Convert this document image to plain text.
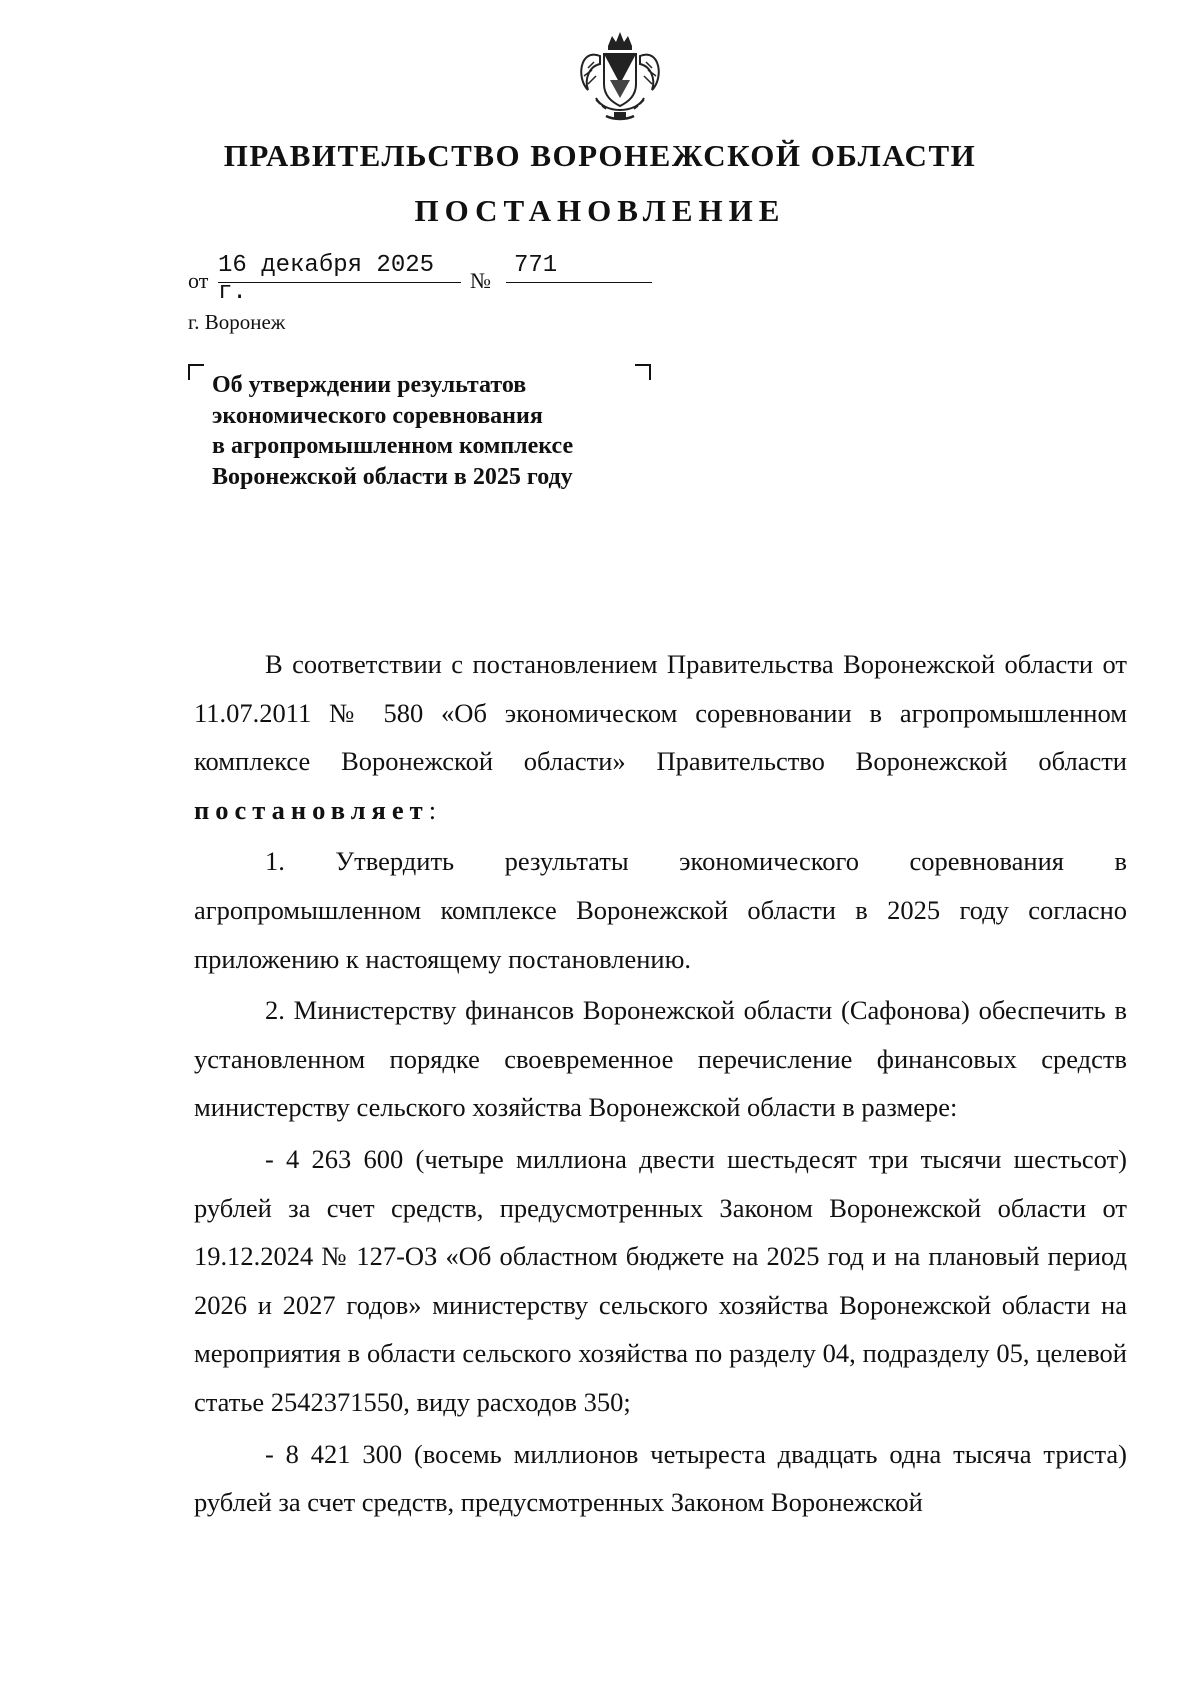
ПРАВИТЕЛЬСТВО ВОРОНЕЖСКОЙ ОБЛАСТИ
ПОСТАНОВЛЕНИЕ
от
16 декабря 2025 г.	№
771
г. Воронеж
Об утверждении результатов
экономического соревнования
в агропромышленном комплексе
Воронежской области в 2025 году

В соответствии с постановлением Правительства Воронежской области от 11.07.2011 № 580 «Об экономическом соревновании в агропромышленном комплексе Воронежской области» Правительство Воронежской области постановляет:

1. Утвердить результаты экономического соревнования в агропромышленном комплексе Воронежской области в 2025 году согласно приложению к настоящему постановлению.

2. Министерству финансов Воронежской области (Сафонова) обеспечить в установленном порядке своевременное перечисление финансовых средств министерству сельского хозяйства Воронежской области в размере:

- 4 263 600 (четыре миллиона двести шестьдесят три тысячи шестьсот) рублей за счет средств, предусмотренных Законом Воронежской области от 19.12.2024 № 127-ОЗ «Об областном бюджете на 2025 год и на плановый период 2026 и 2027 годов» министерству сельского хозяйства Воронежской области на мероприятия в области сельского хозяйства по разделу 04, подразделу 05, целевой статье 2542371550, виду расходов 350;

- 8 421 300 (восемь миллионов четыреста двадцать одна тысяча триста) рублей за счет средств, предусмотренных Законом Воронежской
